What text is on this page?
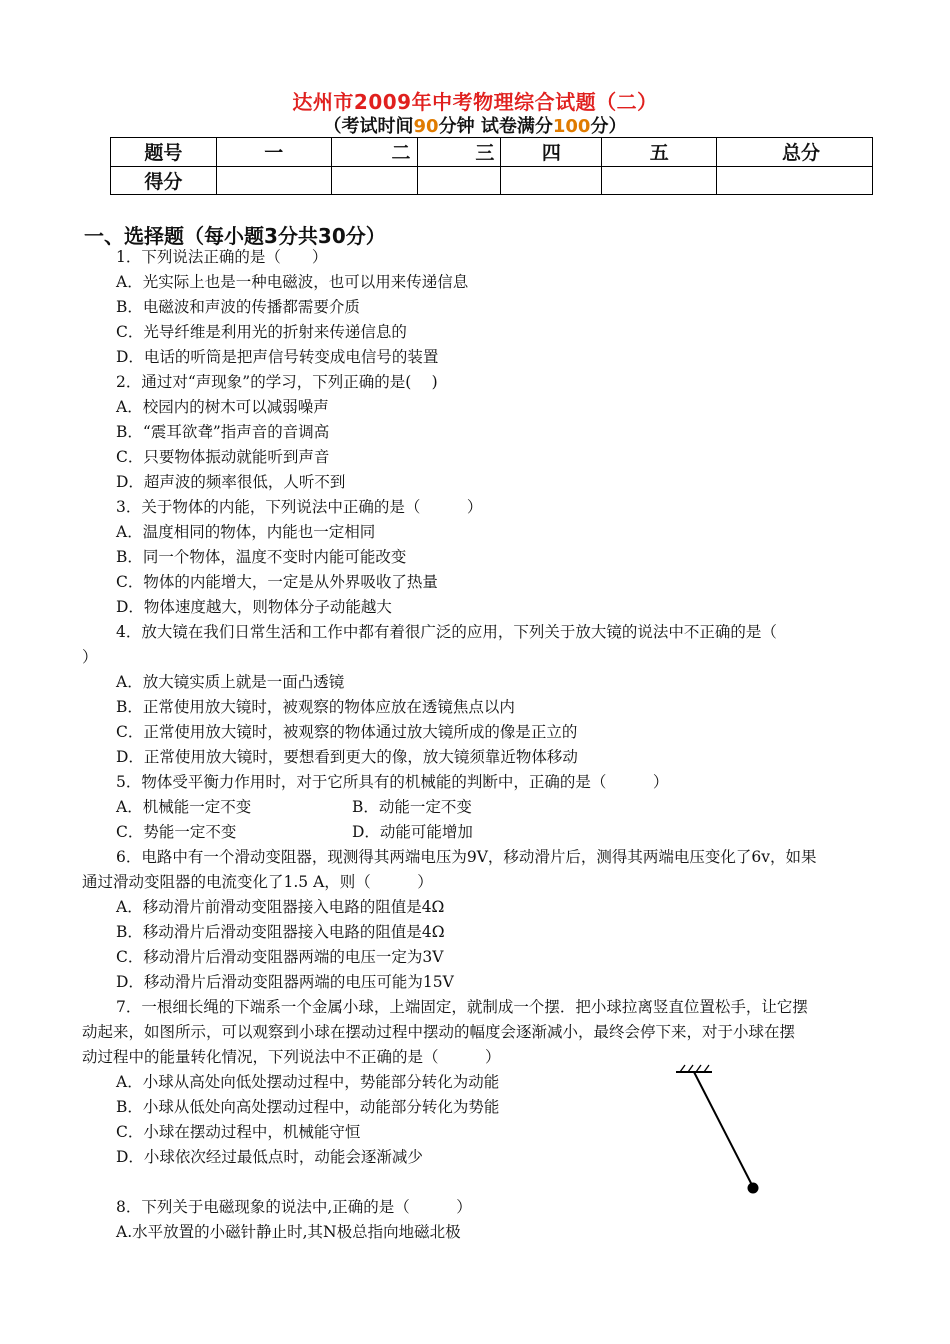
达州市2009年中考物理综合试题（二）
（考试时间90分钟 试卷满分100分）
题号	一	二	三	四	五	总分
得分						
一、选择题（每小题3分共30分）
1．下列说法正确的是（　　）
A．光实际上也是一种电磁波，也可以用来传递信息
B．电磁波和声波的传播都需要介质
C．光导纤维是利用光的折射来传递信息的
D．电话的听筒是把声信号转变成电信号的装置
2．通过对“声现象”的学习，下列正确的是(　 )
A．校园内的树木可以减弱噪声
B．“震耳欲聋”指声音的音调高
C．只要物体振动就能听到声音
D．超声波的频率很低，人听不到
3．关于物体的内能，下列说法中正确的是（　　　）
A．温度相同的物体，内能也一定相同
B．同一个物体，温度不变时内能可能改变
C．物体的内能增大，一定是从外界吸收了热量
D．物体速度越大，则物体分子动能越大
4．放大镜在我们日常生活和工作中都有着很广泛的应用，下列关于放大镜的说法中不正确的是（
）
A．放大镜实质上就是一面凸透镜
B．正常使用放大镜时，被观察的物体应放在透镜焦点以内
C．正常使用放大镜时，被观察的物体通过放大镜所成的像是正立的
D．正常使用放大镜时，要想看到更大的像，放大镜须靠近物体移动
5．物体受平衡力作用时，对于它所具有的机械能的判断中，正确的是（　　　）
A．机械能一定不变	B．动能一定不变
C．势能一定不变	D．动能可能增加
6．电路中有一个滑动变阻器，现测得其两端电压为9V，移动滑片后，测得其两端电压变化了6v，如果
通过滑动变阻器的电流变化了1.5 A，则（　　　）
A．移动滑片前滑动变阻器接入电路的阻值是4Ω
B．移动滑片后滑动变阻器接入电路的阻值是4Ω
C．移动滑片后滑动变阻器两端的电压一定为3V
D．移动滑片后滑动变阻器两端的电压可能为15V
7．一根细长绳的下端系一个金属小球，上端固定，就制成一个摆．把小球拉离竖直位置松手，让它摆
动起来，如图所示，可以观察到小球在摆动过程中摆动的幅度会逐渐减小，最终会停下来，对于小球在摆
动过程中的能量转化情况，下列说法中不正确的是（　　　）
A．小球从高处向低处摆动过程中，势能部分转化为动能
B．小球从低处向高处摆动过程中，动能部分转化为势能
C．小球在摆动过程中，机械能守恒
D．小球依次经过最低点时，动能会逐渐减少
8．下列关于电磁现象的说法中,正确的是（　　　）
A.水平放置的小磁针静止时,其N极总指向地磁北极
